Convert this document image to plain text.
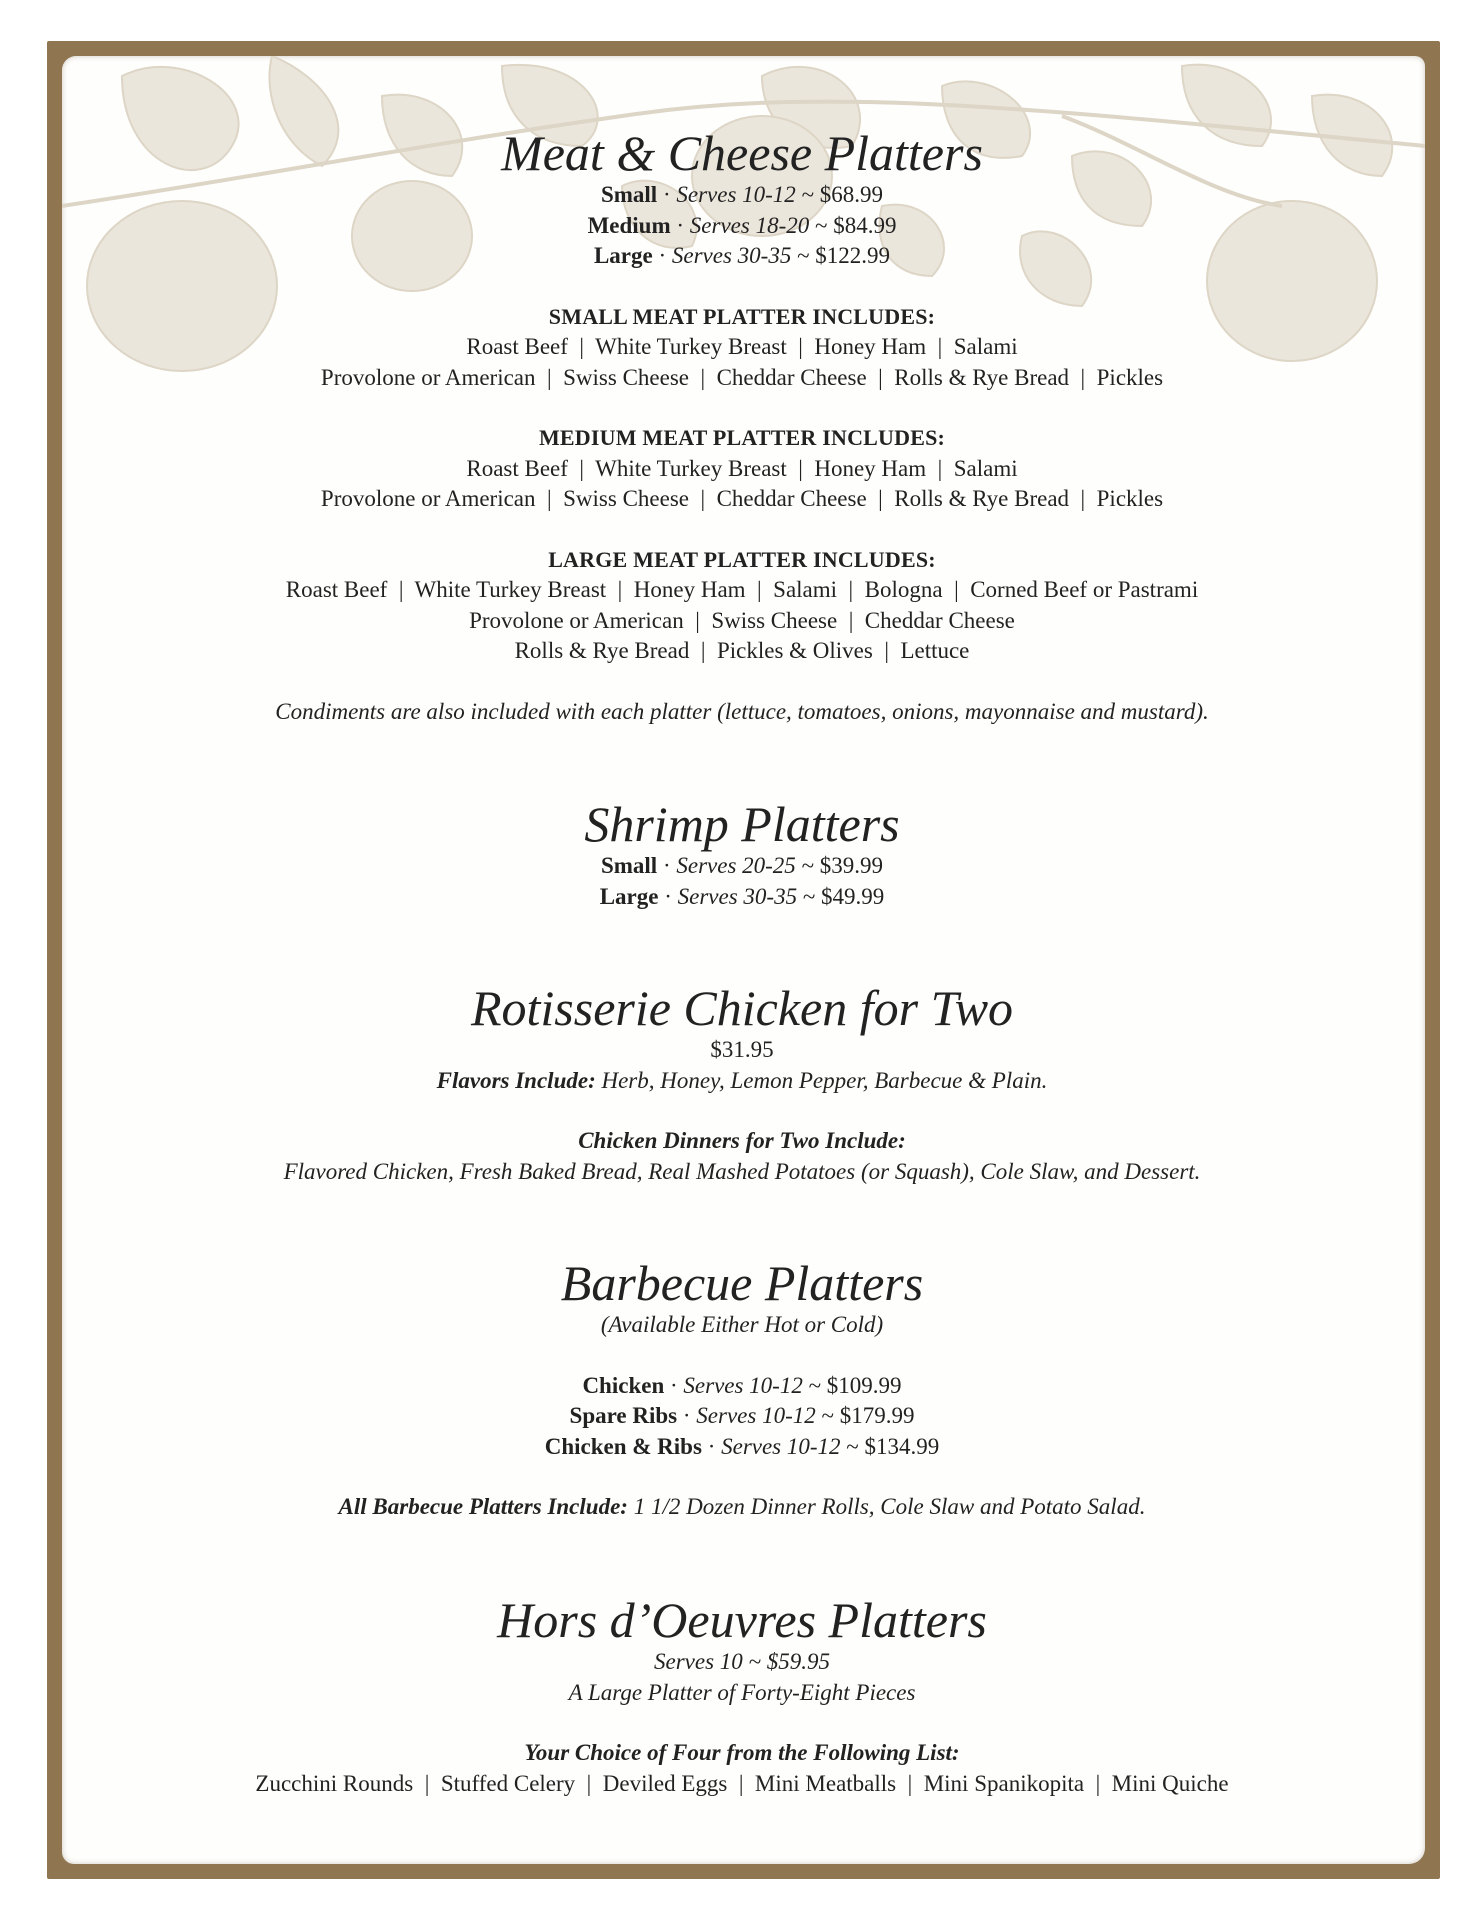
Meat & Cheese Platters

Small · Serves 10-12 ~ $68.99

Medium · Serves 18-20 ~ $84.99

Large · Serves 30-35 ~ $122.99

SMALL MEAT PLATTER INCLUDES:

Roast Beef  |  White Turkey Breast  |  Honey Ham  |  Salami

Provolone or American  |  Swiss Cheese  |  Cheddar Cheese  |  Rolls & Rye Bread  |  Pickles

MEDIUM MEAT PLATTER INCLUDES:

Roast Beef  |  White Turkey Breast  |  Honey Ham  |  Salami

Provolone or American  |  Swiss Cheese  |  Cheddar Cheese  |  Rolls & Rye Bread  |  Pickles

LARGE MEAT PLATTER INCLUDES:

Roast Beef  |  White Turkey Breast  |  Honey Ham  |  Salami  |  Bologna  |  Corned Beef or Pastrami

Provolone or American  |  Swiss Cheese  |  Cheddar Cheese

Rolls & Rye Bread  |  Pickles & Olives  |  Lettuce

Condiments are also included with each platter (lettuce, tomatoes, onions, mayonnaise and mustard).

Shrimp Platters

Small · Serves 20-25 ~ $39.99

Large · Serves 30-35 ~ $49.99

Rotisserie Chicken for Two

$31.95

Flavors Include: Herb, Honey, Lemon Pepper, Barbecue & Plain.

Chicken Dinners for Two Include:

Flavored Chicken, Fresh Baked Bread, Real Mashed Potatoes (or Squash), Cole Slaw, and Dessert.

Barbecue Platters

(Available Either Hot or Cold)

Chicken · Serves 10-12 ~ $109.99

Spare Ribs · Serves 10-12 ~ $179.99

Chicken & Ribs · Serves 10-12 ~ $134.99

All Barbecue Platters Include: 1 1/2 Dozen Dinner Rolls, Cole Slaw and Potato Salad.

Hors d’Oeuvres Platters

Serves 10 ~ $59.95

A Large Platter of Forty-Eight Pieces

Your Choice of Four from the Following List:

Zucchini Rounds  |  Stuffed Celery  |  Deviled Eggs  |  Mini Meatballs  |  Mini Spanikopita  |  Mini Quiche
